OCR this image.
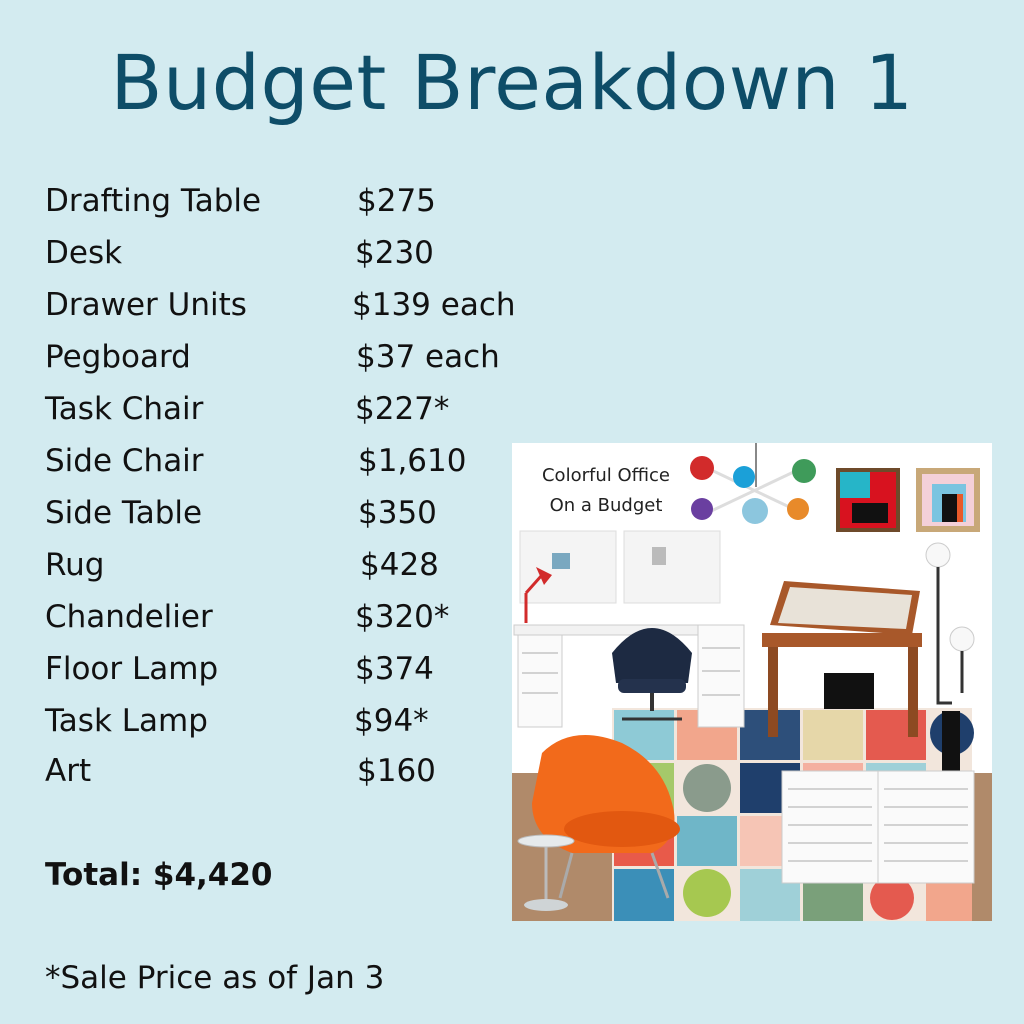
Budget Breakdown 1
Drafting Table	$275
Desk	$230
Drawer Units	$139 each
Pegboard	$37 each
Task Chair	$227*
Side Chair	$1,610
Side Table	$350
Rug	$428
Chandelier	$320*
Floor Lamp	$374
Task Lamp	$94*
Art	$160
Total: $4,420
*Sale Price as of Jan 3
Colorful Office
On a Budget
